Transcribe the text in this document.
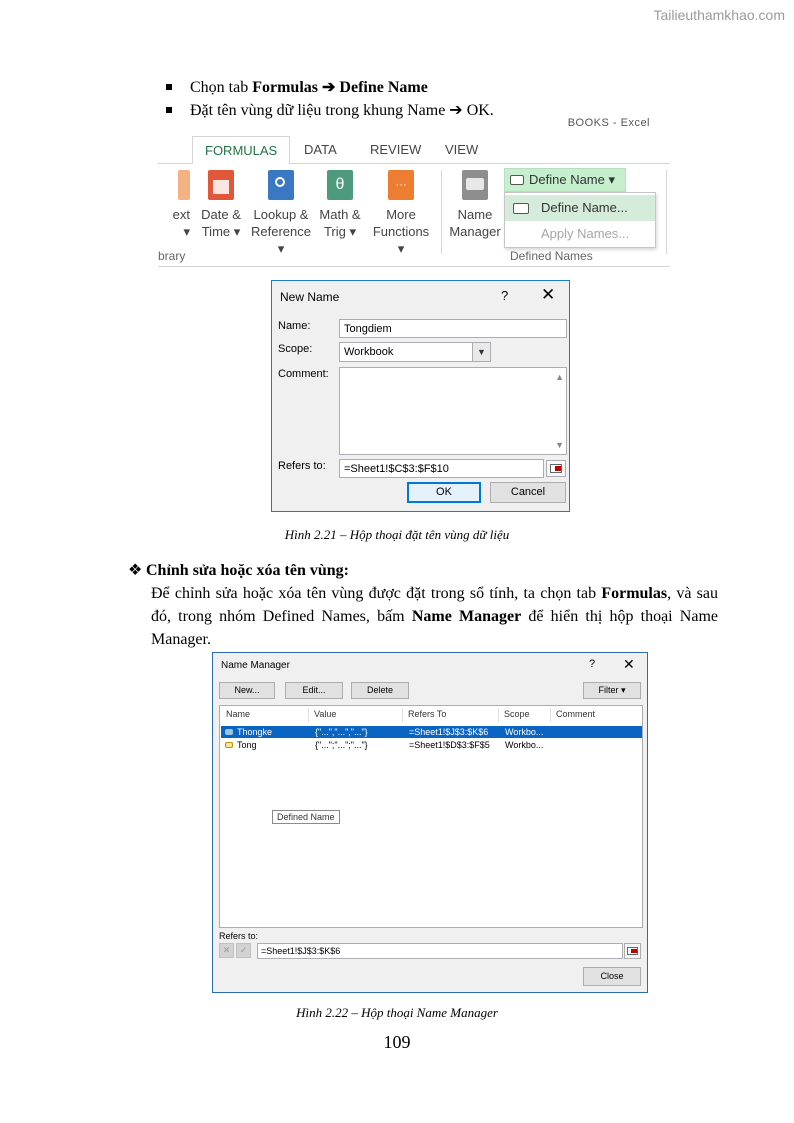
Tailieuthamkhao.com
Chọn tab Formulas ➔ Define Name
Đặt tên vùng dữ liệu trong khung Name ➔ OK.
BOOKS - Excel
FORMULAS	DATA	REVIEW VIEW
ext
▾
Date &
Time ▾
Lookup &
Reference ▾
θ
Math &
Trig ▾
···
More
Functions ▾
brary
Name
Manager
Define Name ▾
Define Name...
Apply Names...
Defined Names
New Name	? ✕
Name:	Tongdiem
Scope:	Workbook	▼
Comment:	▲
▼
Refers to:	=Sheet1!$C$3:$F$10
OK	Cancel
Hình 2.21 – Hộp thoại đặt tên vùng dữ liệu
❖ Chỉnh sửa hoặc xóa tên vùng:
Để chỉnh sửa hoặc xóa tên vùng được đặt trong sổ tính, ta chọn tab Formulas, và sau đó, trong nhóm Defined Names, bấm Name Manager để hiển thị hộp thoại Name Manager.
Name Manager	? ✕
New...	Edit...	Delete	Filter ▾
Name	Value	Refers To	Scope	Comment
Thongke	{"...","...","..."}	=Sheet1!$J$3:$K$6	Workbo...
Tong	{"...";"...";"..."}	=Sheet1!$D$3:$F$5	Workbo...
Defined Name
Refers to:
✕	✓	=Sheet1!$J$3:$K$6
Close
Hình 2.22 – Hộp thoại Name Manager
109
